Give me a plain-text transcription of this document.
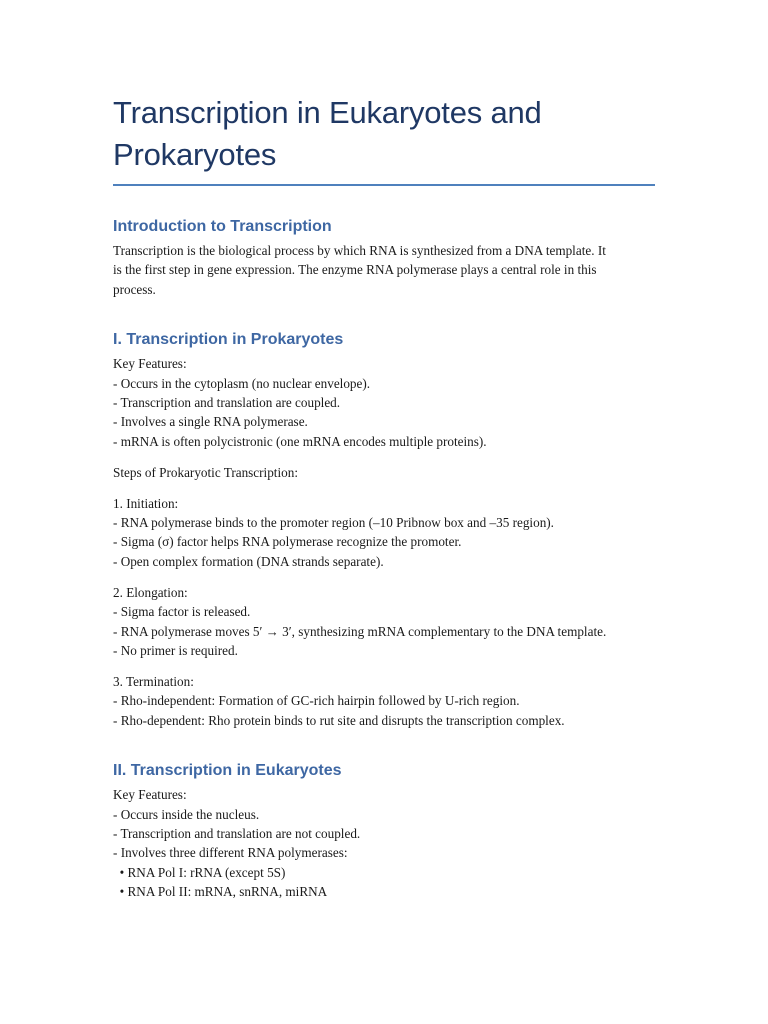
Transcription in Eukaryotes and Prokaryotes
Introduction to Transcription

Transcription is the biological process by which RNA is synthesized from a DNA template. It
is the first step in gene expression. The enzyme RNA polymerase plays a central role in this
process.

I. Transcription in Prokaryotes

Key Features:
- Occurs in the cytoplasm (no nuclear envelope).
- Transcription and translation are coupled.
- Involves a single RNA polymerase.
- mRNA is often polycistronic (one mRNA encodes multiple proteins).

Steps of Prokaryotic Transcription:

1. Initiation:
- RNA polymerase binds to the promoter region (–10 Pribnow box and –35 region).
- Sigma (σ) factor helps RNA polymerase recognize the promoter.
- Open complex formation (DNA strands separate).

2. Elongation:
- Sigma factor is released.
- RNA polymerase moves 5′ → 3′, synthesizing mRNA complementary to the DNA template.
- No primer is required.

3. Termination:
- Rho-independent: Formation of GC-rich hairpin followed by U-rich region.
- Rho-dependent: Rho protein binds to rut site and disrupts the transcription complex.

II. Transcription in Eukaryotes

Key Features:
- Occurs inside the nucleus.
- Transcription and translation are not coupled.
- Involves three different RNA polymerases:
• RNA Pol I: rRNA (except 5S)
• RNA Pol II: mRNA, snRNA, miRNA
